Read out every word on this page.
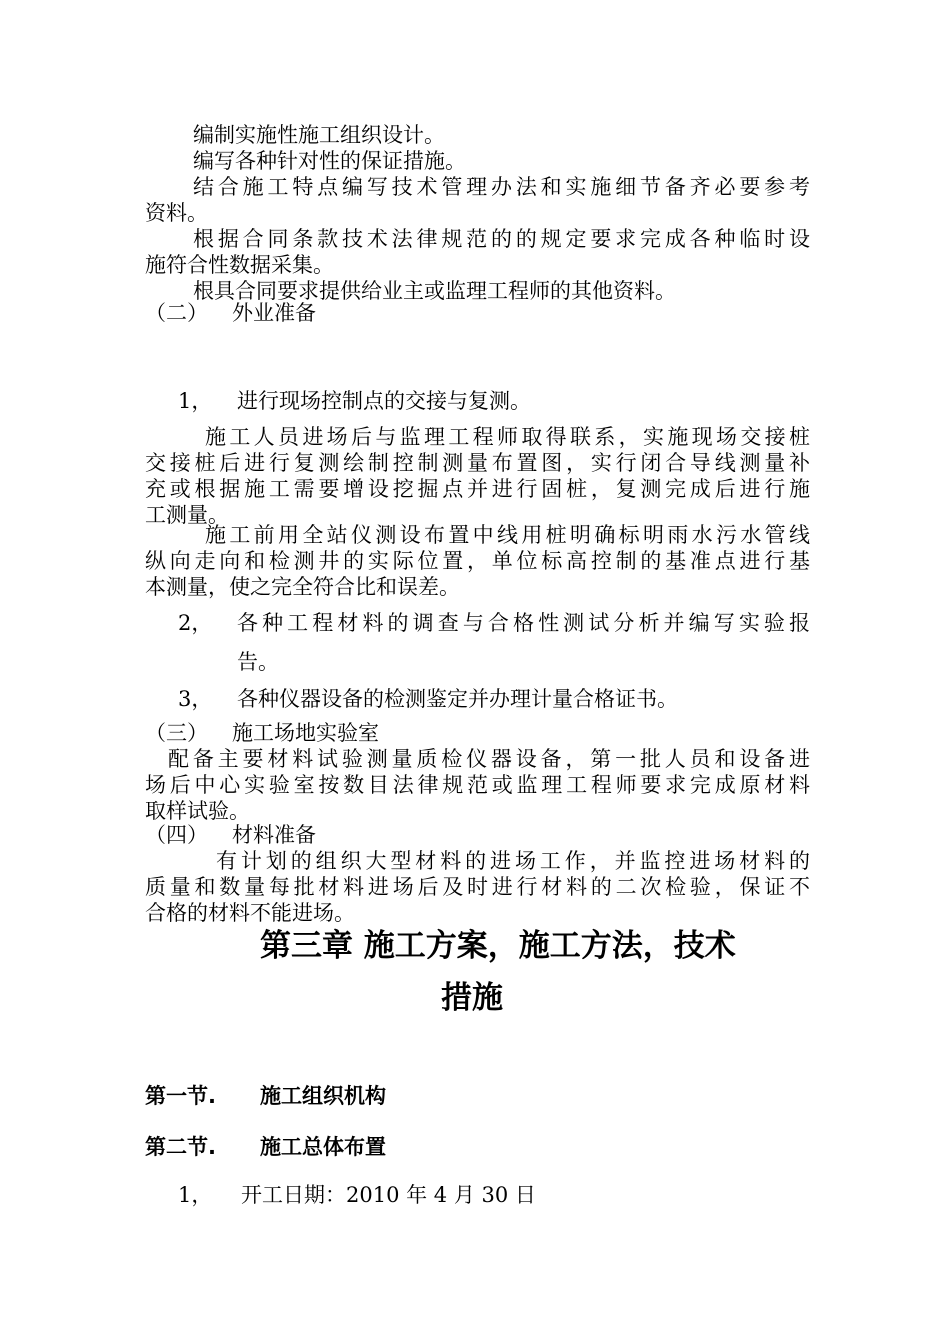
编制实施性施工组织设计。
编写各种针对性的保证措施。
结合施工特点编写技术管理办法和实施细节备齐必要参考
资料。
根据合同条款技术法律规范的的规定要求完成各种临时设
施符合性数据采集。
根具合同要求提供给业主或监理工程师的其他资料。
（二） 外业准备
1， 进行现场控制点的交接与复测。
施工人员进场后与监理工程师取得联系，实施现场交接桩
交接桩后进行复测绘制控制测量布置图，实行闭合导线测量补
充或根据施工需要增设挖掘点并进行固桩，复测完成后进行施
工测量。
施工前用全站仪测设布置中线用桩明确标明雨水污水管线
纵向走向和检测井的实际位置，单位标高控制的基准点进行基
本测量，使之完全符合比和误差。
2， 各种工程材料的调查与合格性测试分析并编写实验报
告。
3， 各种仪器设备的检测鉴定并办理计量合格证书。
（三） 施工场地实验室
配备主要材料试验测量质检仪器设备，第一批人员和设备进
场后中心实验室按数目法律规范或监理工程师要求完成原材料
取样试验。
（四） 材料准备
有计划的组织大型材料的进场工作，并监控进场材料的
质量和数量每批材料进场后及时进行材料的二次检验，保证不
合格的材料不能进场。
第三章 施工方案，施工方法，技术
措施
第一节. 施工组织机构
第二节. 施工总体布置
1， 开工日期：2010 年 4 月 30 日
